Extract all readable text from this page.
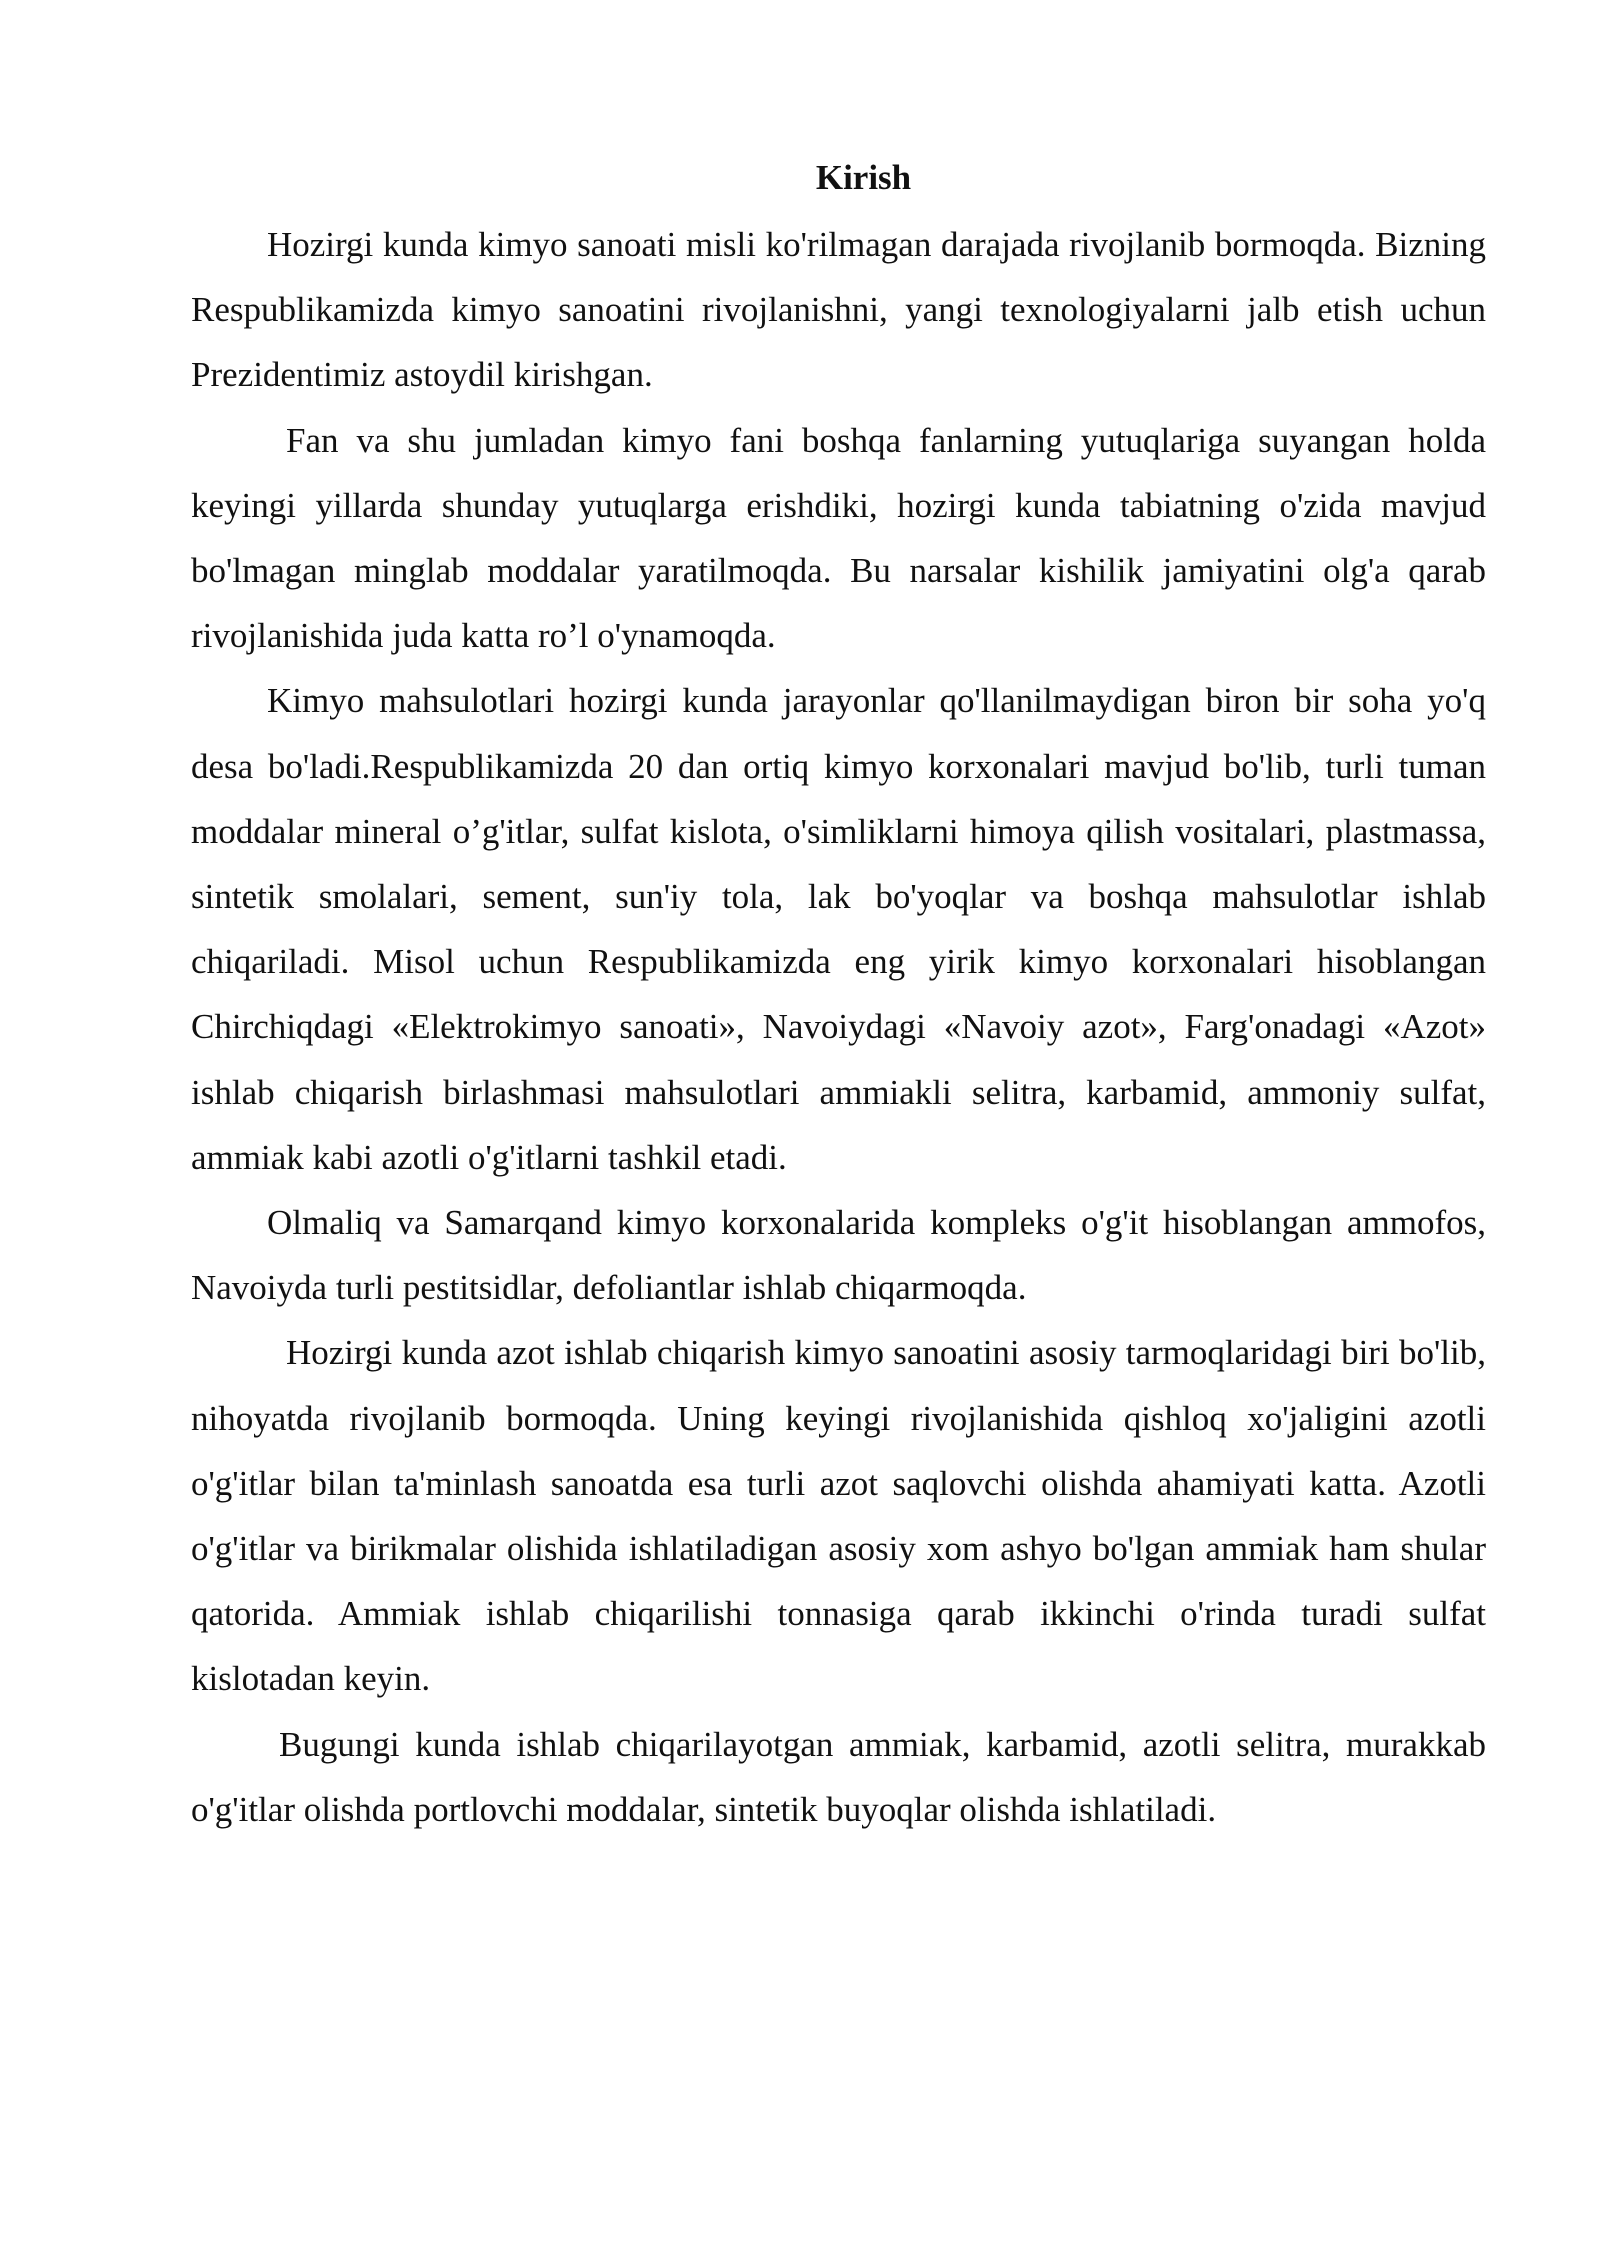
Kirish

Hozirgi kunda kimyo sanoati misli ko'rilmagan darajada rivojlanib bormoqda. Bizning Respublikamizda kimyo sanoatini rivojlanishni, yangi texnologiyalarni jalb etish uchun Prezidentimiz astoydil kirishgan.

Fan va shu jumladan kimyo fani boshqa fanlarning yutuqlariga suyangan holda keyingi yillarda shunday yutuqlarga erishdiki, hozirgi kunda tabiatning o'zida mavjud bo'lmagan minglab moddalar yaratilmoqda. Bu narsalar kishilik jamiyatini olg'a qarab rivojlanishida juda katta ro’l o'ynamoqda.

Kimyo mahsulotlari hozirgi kunda jarayonlar qo'llanilmaydigan biron bir soha yo'q desa bo'ladi.Respublikamizda 20 dan ortiq kimyo korxonalari mavjud bo'lib, turli tuman moddalar mineral o’g'itlar, sulfat kislota, o'simliklarni himoya qilish vositalari, plastmassa, sintetik smolalari, sement, sun'iy tola, lak bo'yoqlar va boshqa mahsulotlar ishlab chiqariladi. Misol uchun Respublikamizda eng yirik kimyo korxonalari hisoblangan Chirchiqdagi «Elektrokimyo sanoati», Navoiydagi «Navoiy azot», Farg'onadagi «Azot» ishlab chiqarish birlashmasi mahsulotlari ammiakli selitra, karbamid, ammoniy sulfat, ammiak kabi azotli o'g'itlarni tashkil etadi.

Olmaliq va Samarqand kimyo korxonalarida kompleks o'g'it hisoblangan ammofos, Navoiyda turli pestitsidlar, defoliantlar ishlab chiqarmoqda.

Hozirgi kunda azot ishlab chiqarish kimyo sanoatini asosiy tarmoqlaridagi biri bo'lib, nihoyatda rivojlanib bormoqda. Uning keyingi rivojlanishida qishloq xo'jaligini azotli o'g'itlar bilan ta'minlash sanoatda esa turli azot saqlovchi olishda ahamiyati katta. Azotli o'g'itlar va birikmalar olishida ishlatiladigan asosiy xom ashyo bo'lgan ammiak ham shular qatorida. Ammiak ishlab chiqarilishi tonnasiga qarab ikkinchi o'rinda turadi sulfat kislotadan keyin.

Bugungi kunda ishlab chiqarilayotgan ammiak, karbamid, azotli selitra, murakkab o'g'itlar olishda portlovchi moddalar, sintetik buyoqlar olishda ishlatiladi.
